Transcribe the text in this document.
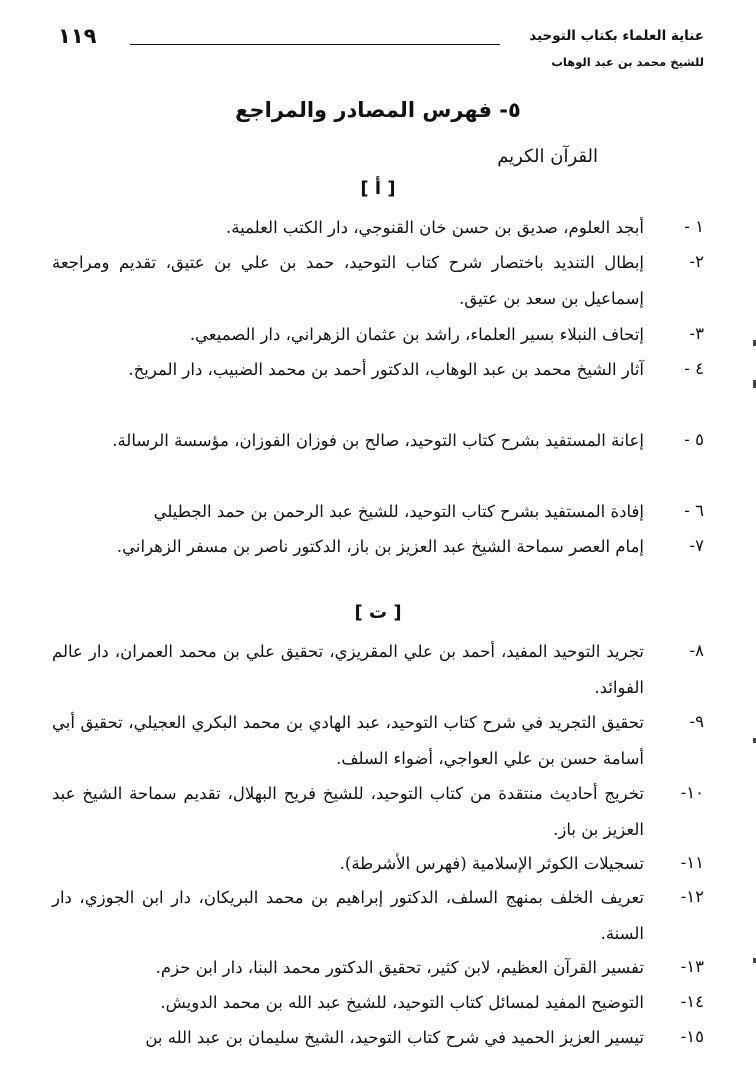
١١٩	عناية العلماء بكتاب التوحيد
للشيخ محمد بن عبد الوهاب
٥- فهرس المصادر والمراجع
القرآن الكريم
[ أ ]
١ -

أبجد العلوم، صديق بن حسن خان القنوجي، دار الكتب العلمية.

٢-

إبطال التنديد باختصار شرح كتاب التوحيد، حمد بن علي بن عتيق، تقديم ومراجعة إسماعيل بن سعد بن عتيق.

٣-

إتحاف النبلاء بسير العلماء، راشد بن عثمان الزهراني، دار الصميعي.

٤ -

آثار الشيخ محمد بن عبد الوهاب، الدكتور أحمد بن محمد الضبيب، دار المريخ.

٥ -

إعانة المستفيد بشرح كتاب التوحيد، صالح بن فوزان الفوزان، مؤسسة الرسالة.

٦ -

إفادة المستفيد بشرح كتاب التوحيد، للشيخ عبد الرحمن بن حمد الجطيلي

٧-

إمام العصر سماحة الشيخ عبد العزيز بن باز، الدكتور ناصر بن مسفر الزهراني.

[ ت ]
٨-

تجريد التوحيد المفيد، أحمد بن علي المقريزي، تحقيق علي بن محمد العمران، دار عالم الفوائد.

٩-

تحقيق التجريد في شرح كتاب التوحيد، عبد الهادي بن محمد البكري العجيلي، تحقيق أبي أسامة حسن بن علي العواجي، أضواء السلف.

١٠-

تخريج أحاديث منتقدة من كتاب التوحيد، للشيخ فريح البهلال، تقديم سماحة الشيخ عبد العزيز بن باز.

١١-

تسجيلات الكوثر الإسلامية (فهرس الأشرطة).

١٢-

تعريف الخلف بمنهج السلف، الدكتور إبراهيم بن محمد البريكان، دار ابن الجوزي، دار السنة.

١٣-

تفسير القرآن العظيم، لابن كثير، تحقيق الدكتور محمد البنا، دار ابن حزم.

١٤-

التوضيح المفيد لمسائل كتاب التوحيد، للشيخ عبد الله بن محمد الدويش.

١٥-

تيسير العزيز الحميد في شرح كتاب التوحيد، الشيخ سليمان بن عبد الله بن
